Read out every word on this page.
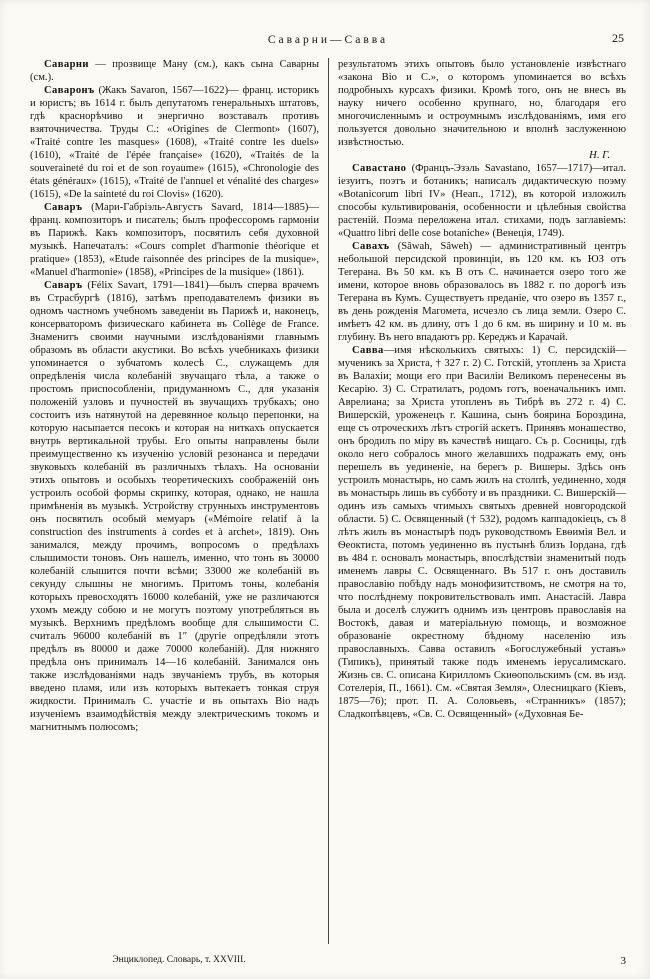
Саварни—Савва	25

Саварни — прозвище Ману (см.), какъ сына Саварны (см.).

Саваронъ (Жакъ Savaron, 1567—1622)— франц. историкъ и юристъ; въ 1614 г. былъ депутатомъ генеральныхъ штатовъ, гдѣ краснорѣчиво и энергично возставалъ противъ взяточничества. Труды С.: «Origines de Clermont» (1607), «Traité contre les masques» (1608), «Traité contre les duels» (1610), «Traité de l'épée française» (1620), «Traités de la souveraineté du roi et de son royaume» (1615), «Chronologie des états généraux» (1615), «Traité de l'annuel et vénalité des charges» (1615), «De la sainteté du roi Clovis» (1620).

Саваръ (Мари-Габріэль-Августъ Savard, 1814—1885)—франц. композиторъ и писатель; былъ профессоромъ гармоніи въ Парижѣ. Какъ композиторъ, посвятилъ себя духовной музыкѣ. Напечаталъ: «Cours complet d'harmonie théorique et pratique» (1853), «Etude raisonnée des principes de la musique», «Manuel d'harmonie» (1858), «Principes de la musique» (1861).

Саваръ (Félix Savart, 1791—1841)—былъ сперва врачемъ въ Страсбургѣ (1816), затѣмъ преподавателемъ физики въ одномъ частномъ учебномъ заведеніи въ Парижѣ и, наконецъ, консерваторомъ физическаго кабинета въ Collège de France. Знаменитъ своими научными изслѣдованіями главнымъ образомъ въ области акустики. Во всѣхъ учебникахъ физики упоминается о зубчатомъ колесѣ С., служащемъ для опредѣленія числа колебаній звучащаго тѣла, а также о простомъ приспособленіи, придуманномъ С., для указанія положеній узловъ и пучностей въ звучащихъ трубкахъ; оно состоитъ изъ натянутой на деревянное кольцо перепонки, на которую насыпается песокъ и которая на ниткахъ опускается внутрь вертикальной трубы. Его опыты направлены были преимущественно къ изученію условій резонанса и передачи звуковыхъ колебаній въ различныхъ тѣлахъ. На основаніи этихъ опытовъ и особыхъ теоретическихъ соображеній онъ устроилъ особой формы скрипку, которая, однако, не нашла примѣненія въ музыкѣ. Устройству струнныхъ инструментовъ онъ посвятилъ особый мемуаръ («Mémoire relatif à la construction des instruments à cordes et à archet», 1819). Онъ занимался, между прочимъ, вопросомъ о предѣлахъ слышимости тоновъ. Онъ нашелъ, именно, что тонъ въ 30000 колебаній слышится почти всѣми; 33000 же колебаній въ секунду слышны не многимъ. Притомъ тоны, колебанія которыхъ превосходятъ 16000 колебаній, уже не различаются ухомъ между собою и не могутъ поэтому употребляться въ музыкѣ. Верхнимъ предѣломъ вообще для слышимости С. считалъ 96000 колебаній въ 1″ (другіе опредѣляли этотъ предѣлъ въ 80000 и даже 70000 колебаній). Для нижняго предѣла онъ принималъ 14—16 колебаній. Занимался онъ также изслѣдованіями надъ звучаніемъ трубъ, въ которыя введено пламя, или изъ которыхъ вытекаетъ тонкая струя жидкости. Принималъ С. участіе и въ опытахъ Bio надъ изученіемъ взаимодѣйствія между электрическимъ токомъ и магнитнымъ полюсомъ;

результатомъ этихъ опытовъ было установленіе извѣстнаго «закона Bio и С.», о которомъ упоминается во всѣхъ подробныхъ курсахъ физики. Кромѣ того, онъ не внесъ въ науку ничего особенно крупнаго, но, благодаря его многочисленнымъ и остроумнымъ изслѣдованіямъ, имя его пользуется довольно значительною и вполнѣ заслуженною извѣстностью.

Н. Г.

Савастано (Францъ-Эзэль Savastano, 1657—1717)—итал. іезуитъ, поэтъ и ботаникъ; написалъ дидактическую поэму «Botanicorum libri IV» (Неап., 1712), въ которой изложилъ способы культивированія, особенности и цѣлебныя свойства растеній. Поэма переложена итал. стихами, подъ заглавіемъ: «Quattro libri delle cose botaniche» (Венеція, 1749).

Савахъ (Sâwah, Sâweh) — административный центръ небольшой персидской провинціи, въ 120 км. къ ЮЗ отъ Тегерана. Въ 50 км. къ В отъ С. начинается озеро того же имени, которое вновь образовалось въ 1882 г. по дорогѣ изъ Тегерана въ Кумъ. Существуетъ преданіе, что озеро въ 1357 г., въ день рожденія Магомета, исчезло съ лица земли. Озеро С. имѣетъ 42 км. въ длину, отъ 1 до 6 км. въ ширину и 10 м. въ глубину. Въ него впадаютъ рр. Кереджъ и Карачай.

Савва—имя нѣсколькихъ святыхъ: 1) С. персидскій—мученикъ за Христа, † 327 г. 2) С. Готскій, утопленъ за Христа въ Валахіи; мощи его при Василіи Великомъ перенесены въ Кесарію. 3) С. Стратилатъ, родомъ готъ, военачальникъ имп. Аврелиана; за Христа утопленъ въ Тибрѣ въ 272 г. 4) С. Вишерскій, уроженецъ г. Кашина, сынъ боярина Бороздина, еще съ отроческихъ лѣтъ строгій аскетъ. Принявъ монашество, онъ бродилъ по міру въ качествѣ нищаго. Съ р. Сосницы, гдѣ около него собралось много желавшихъ подражать ему, онъ перешелъ въ уединеніе, на берегъ р. Вишеры. Здѣсь онъ устроилъ монастырь, но самъ жилъ на столпѣ, уединенно, ходя въ монастырь лишь въ субботу и въ праздники. С. Вишерскій—одинъ изъ самыхъ чтимыхъ святыхъ древней новгородской области. 5) С. Освященный († 532), родомъ каппадокіецъ, съ 8 лѣтъ жилъ въ монастырѣ подъ руководствомъ Евѳимія Вел. и Ѳеоктиста, потомъ уединенно въ пустынѣ близъ Іордана, гдѣ въ 484 г. основалъ монастырь, впослѣдствіи знаменитый подъ именемъ лавры С. Освященнаго. Въ 517 г. онъ доставилъ православію побѣду надъ монофизитствомъ, не смотря на то, что послѣднему покровительствовалъ имп. Анастасій. Лавра была и доселѣ служитъ однимъ изъ центровъ православія на Востокѣ, давая и матеріальную помощь, и возможное образованіе окрестному бѣдному населенію изъ православныхъ. Савва оставилъ «Богослужебный уставъ» (Типикъ), принятый также подъ именемъ іерусалимскаго. Жизнь св. С. описана Кирилломъ Скиѳопольскимъ (см. въ изд. Сотелерія, П., 1661). См. «Святая Земля», Олесницкаго (Кіевъ, 1875—76); прот. П. А. Соловьевъ, «Странникъ» (1857); Сладкопѣвцевъ, «Св. С. Освященный» («Духовная Бе-

Энциклопед. Словарь, т. XXVIII.	3
